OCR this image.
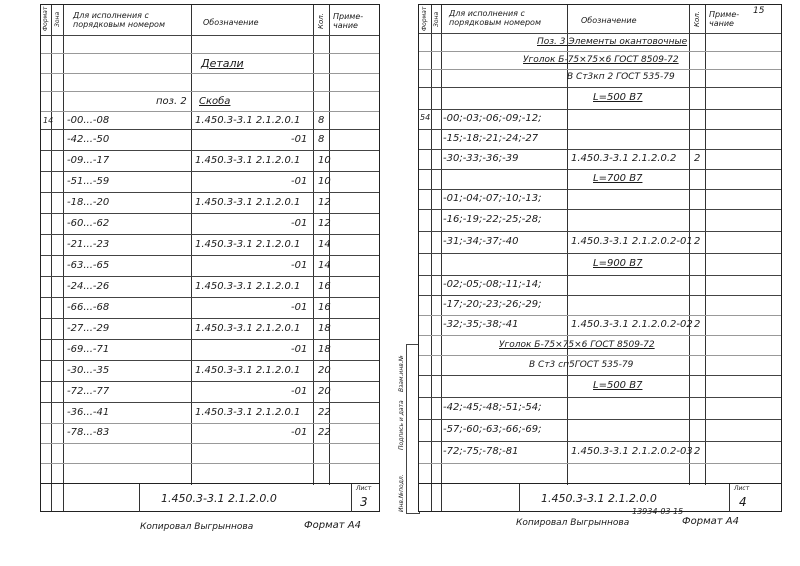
Формат Зона Для исполнения с порядковым номером	Обозначение	Кол. Приме-чание
Детали
поз. 2 Скоба
14 -00...-08	1.450.3-3.1 2.1.2.0.1 8
-42...-50	-01 8
-09...-17	1.450.3-3.1 2.1.2.0.1 10
-51...-59	-01 10
-18...-20	1.450.3-3.1 2.1.2.0.1 12
-60...-62	-01 12
-21...-23	1.450.3-3.1 2.1.2.0.1 14
-63...-65	-01 14
-24...-26	1.450.3-3.1 2.1.2.0.1 16
-66...-68	-01 16
-27...-29	1.450.3-3.1 2.1.2.0.1 18
-69...-71	-01 18
-30...-35	1.450.3-3.1 2.1.2.0.1 20
-72...-77	-01 20
-36...-41	1.450.3-3.1 2.1.2.0.1 22
-78...-83	-01 22
1.450.3-3.1 2.1.2.0.0
Лист
3
Копировал Выгрыннова	Формат А4
Инв.№подл.
Подпись и дата
Взам.инв.№
Формат Зона Для исполнения с порядковым номером	Обозначение	Кол. Приме-чание
15
Поз. 3 Элементы окантовочные
Уголок Б-75×75×6 ГОСТ 8509-72
В Ст3кп 2 ГОСТ 535-79
L=500 В7
54 -00;-03;-06;-09;-12;
-15;-18;-21;-24;-27
-30;-33;-36;-39	1.450.3-3.1 2.1.2.0.2 2
L=700 В7
-01;-04;-07;-10;-13;
-16;-19;-22;-25;-28;
-31;-34;-37;-40	1.450.3-3.1 2.1.2.0.2-01 2
L=900 В7
-02;-05;-08;-11;-14;
-17;-20;-23;-26;-29;
-32;-35;-38;-41	1.450.3-3.1 2.1.2.0.2-02 2
Уголок Б-75×75×6 ГОСТ 8509-72
В Ст3 сп5ГОСТ 535-79
L=500 В7
-42;-45;-48;-51;-54;
-57;-60;-63;-66;-69;
-72;-75;-78;-81	1.450.3-3.1 2.1.2.0.2-03 2
1.450.3-3.1 2.1.2.0.0
Лист
4
13934-03 15
Копировал Выгрыннова	Формат А4
